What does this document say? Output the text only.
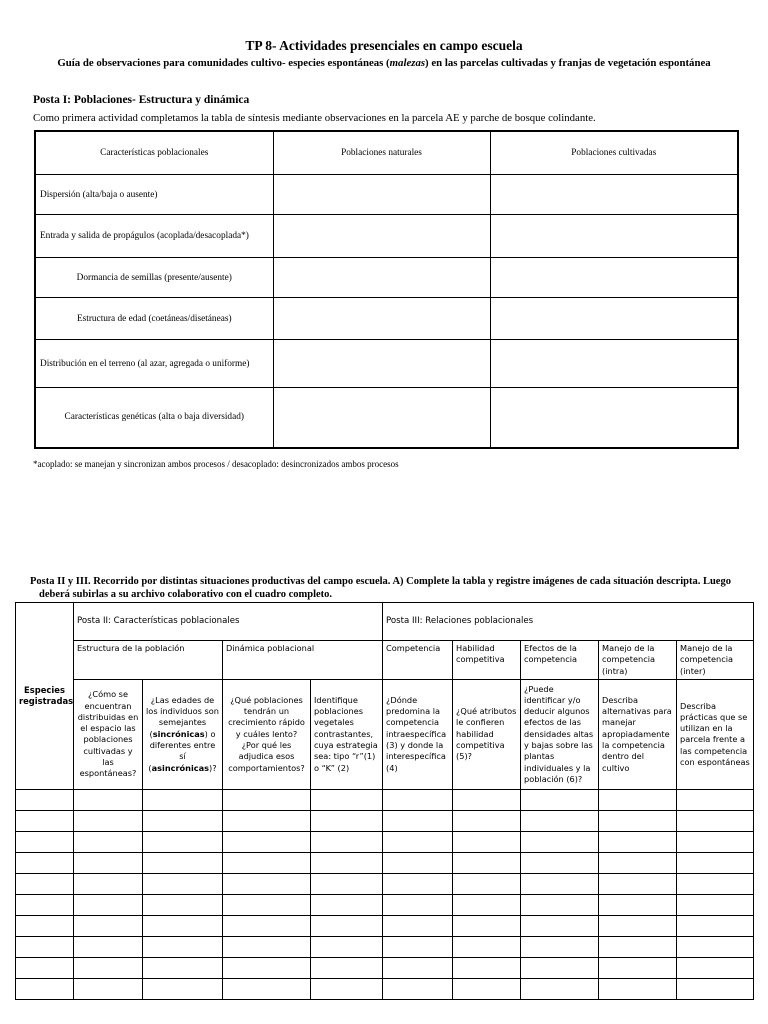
TP 8- Actividades presenciales en campo escuela
Guía de observaciones para comunidades cultivo- especies espontáneas (malezas) en las parcelas cultivadas y franjas de vegetación espontánea
Posta I: Poblaciones- Estructura y dinámica
Como primera actividad completamos la tabla de síntesis mediante observaciones en la parcela AE y parche de bosque colindante.
Características poblacionales	Poblaciones naturales	Poblaciones cultivadas
Dispersión (alta/baja o ausente)		
Entrada y salida de propágulos (acoplada/desacoplada*)		
Dormancia de semillas (presente/ausente)		
Estructura de edad (coetáneas/disetáneas)		
Distribución en el terreno (al azar, agregada o uniforme)		
Características genéticas (alta o baja diversidad)		
*acoplado: se manejan y sincronizan ambos procesos / desacoplado: desincronizados ambos procesos
Posta II y III. Recorrido por distintas situaciones productivas del campo escuela. A) Complete la tabla y registre imágenes de cada situación descripta. Luego
deberá subirlas a su archivo colaborativo con el cuadro completo.
Especies registradas	Posta II: Características poblacionales				Posta III: Relaciones poblacionales				
	Estructura de la población		Dinámica poblacional		Competencia	Habilidad competitiva	Efectos de la competencia	Manejo de la competencia (intra)	Manejo de la competencia (inter)
	¿Cómo se encuentran distribuidas en el espacio las poblaciones cultivadas y las espontáneas?	¿Las edades de los individuos son semejantes (sincrónicas) o diferentes entre sí (asincrónicas)?	¿Qué poblaciones tendrán un crecimiento rápido y cuáles lento? ¿Por qué les adjudica esos comportamientos?	Identifique poblaciones vegetales contrastantes, cuya estrategia sea: tipo “r”(1) o “K” (2)	¿Dónde predomina la competencia intraespecífica (3) y donde la interespecífica (4)	¿Qué atributos le confieren habilidad competitiva (5)?	¿Puede identificar y/o deducir algunos efectos de las densidades altas y bajas sobre las plantas individuales y la población (6)?	Describa alternativas para manejar apropiadamente la competencia dentro del cultivo	Describa prácticas que se utilizan en la parcela frente a las competencia con espontáneas
